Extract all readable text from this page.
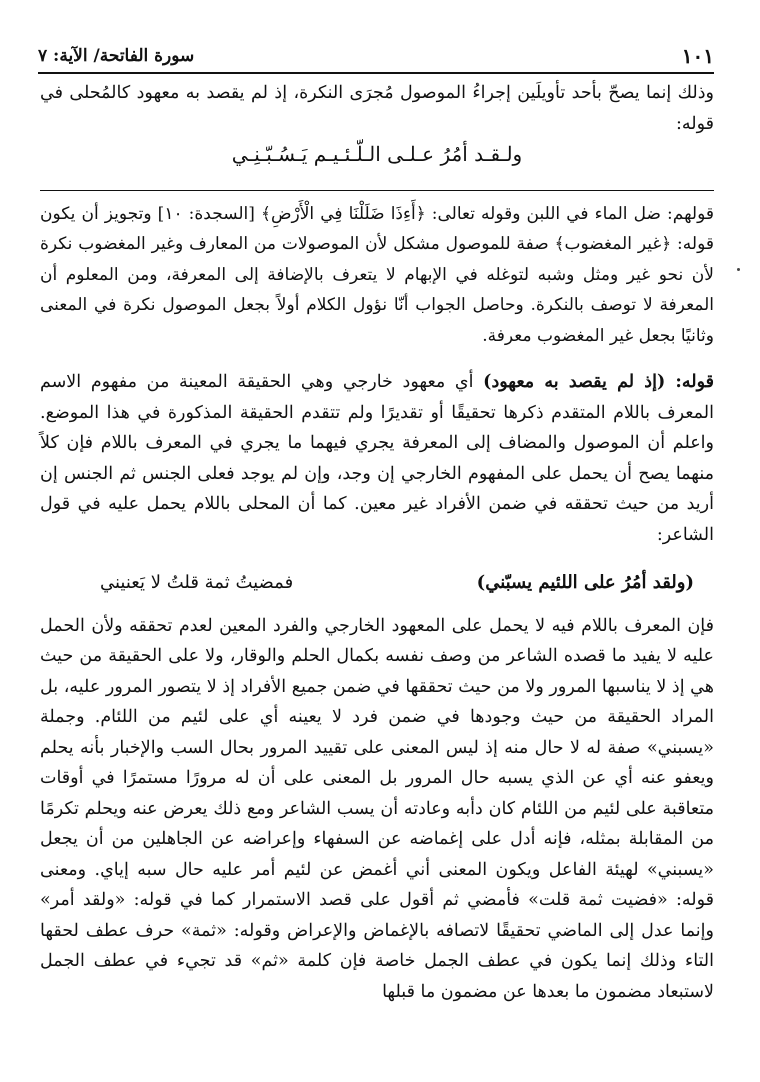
١٠١
سورة الفاتحة/ الآية: ٧

وذلك إنما يصحّ بأحد تأويلَين إجراءُ الموصول مُجرَى النكرة، إذ لم يقصد به معهود كالمُحلى في قوله:

ولـقـد أمُرُ عـلـى الـلّـئـيـم يَـسُـبّـنِـي

قولهم: ضل الماء في اللبن وقوله تعالى: ﴿أَءِذَا ضَلَلْنَا فِي الْأَرْضِ﴾ [السجدة: ١٠] وتجويز أن يكون قوله: ﴿غير المغضوب﴾ صفة للموصول مشكل لأن الموصولات من المعارف وغير المغضوب نكرة لأن نحو غير ومثل وشبه لتوغله في الإبهام لا يتعرف بالإضافة إلى المعرفة، ومن المعلوم أن المعرفة لا توصف بالنكرة. وحاصل الجواب أنّا نؤول الكلام أولاً بجعل الموصول نكرة في المعنى وثانيًا بجعل غير المغضوب معرفة.

قوله: (إذ لم يقصد به معهود) أي معهود خارجي وهي الحقيقة المعينة من مفهوم الاسم المعرف باللام المتقدم ذكرها تحقيقًا أو تقديرًا ولم تتقدم الحقيقة المذكورة في هذا الموضع. واعلم أن الموصول والمضاف إلى المعرفة يجري فيهما ما يجري في المعرف باللام فإن كلاً منهما يصح أن يحمل على المفهوم الخارجي إن وجد، وإن لم يوجد فعلى الجنس ثم الجنس إن أريد من حيث تحققه في ضمن الأفراد غير معين. كما أن المحلى باللام يحمل عليه في قول الشاعر:

(ولقد أمُرُ على اللئيم يسبّني)
فمضيتُ ثمة قلتُ لا يَعنيني

فإن المعرف باللام فيه لا يحمل على المعهود الخارجي والفرد المعين لعدم تحققه ولأن الحمل عليه لا يفيد ما قصده الشاعر من وصف نفسه بكمال الحلم والوقار، ولا على الحقيقة من حيث هي إذ لا يناسبها المرور ولا من حيث تحققها في ضمن جميع الأفراد إذ لا يتصور المرور عليه، بل المراد الحقيقة من حيث وجودها في ضمن فرد لا يعينه أي على لئيم من اللئام. وجملة «يسبني» صفة له لا حال منه إذ ليس المعنى على تقييد المرور بحال السب والإخبار بأنه يحلم ويعفو عنه أي عن الذي يسبه حال المرور بل المعنى على أن له مرورًا مستمرًا في أوقات متعاقبة على لئيم من اللئام كان دأبه وعادته أن يسب الشاعر ومع ذلك يعرض عنه ويحلم تكرمًا من المقابلة بمثله، فإنه أدل على إغماضه عن السفهاء وإعراضه عن الجاهلين من أن يجعل «يسبني» لهيئة الفاعل ويكون المعنى أني أغمض عن لئيم أمر عليه حال سبه إياي. ومعنى قوله: «فضيت ثمة قلت» فأمضي ثم أقول على قصد الاستمرار كما في قوله: «ولقد أمر» وإنما عدل إلى الماضي تحقيقًا لاتصافه بالإغماض والإعراض وقوله: «ثمة» حرف عطف لحقها التاء وذلك إنما يكون في عطف الجمل خاصة فإن كلمة «ثم» قد تجيء في عطف الجمل لاستبعاد مضمون ما بعدها عن مضمون ما قبلها
